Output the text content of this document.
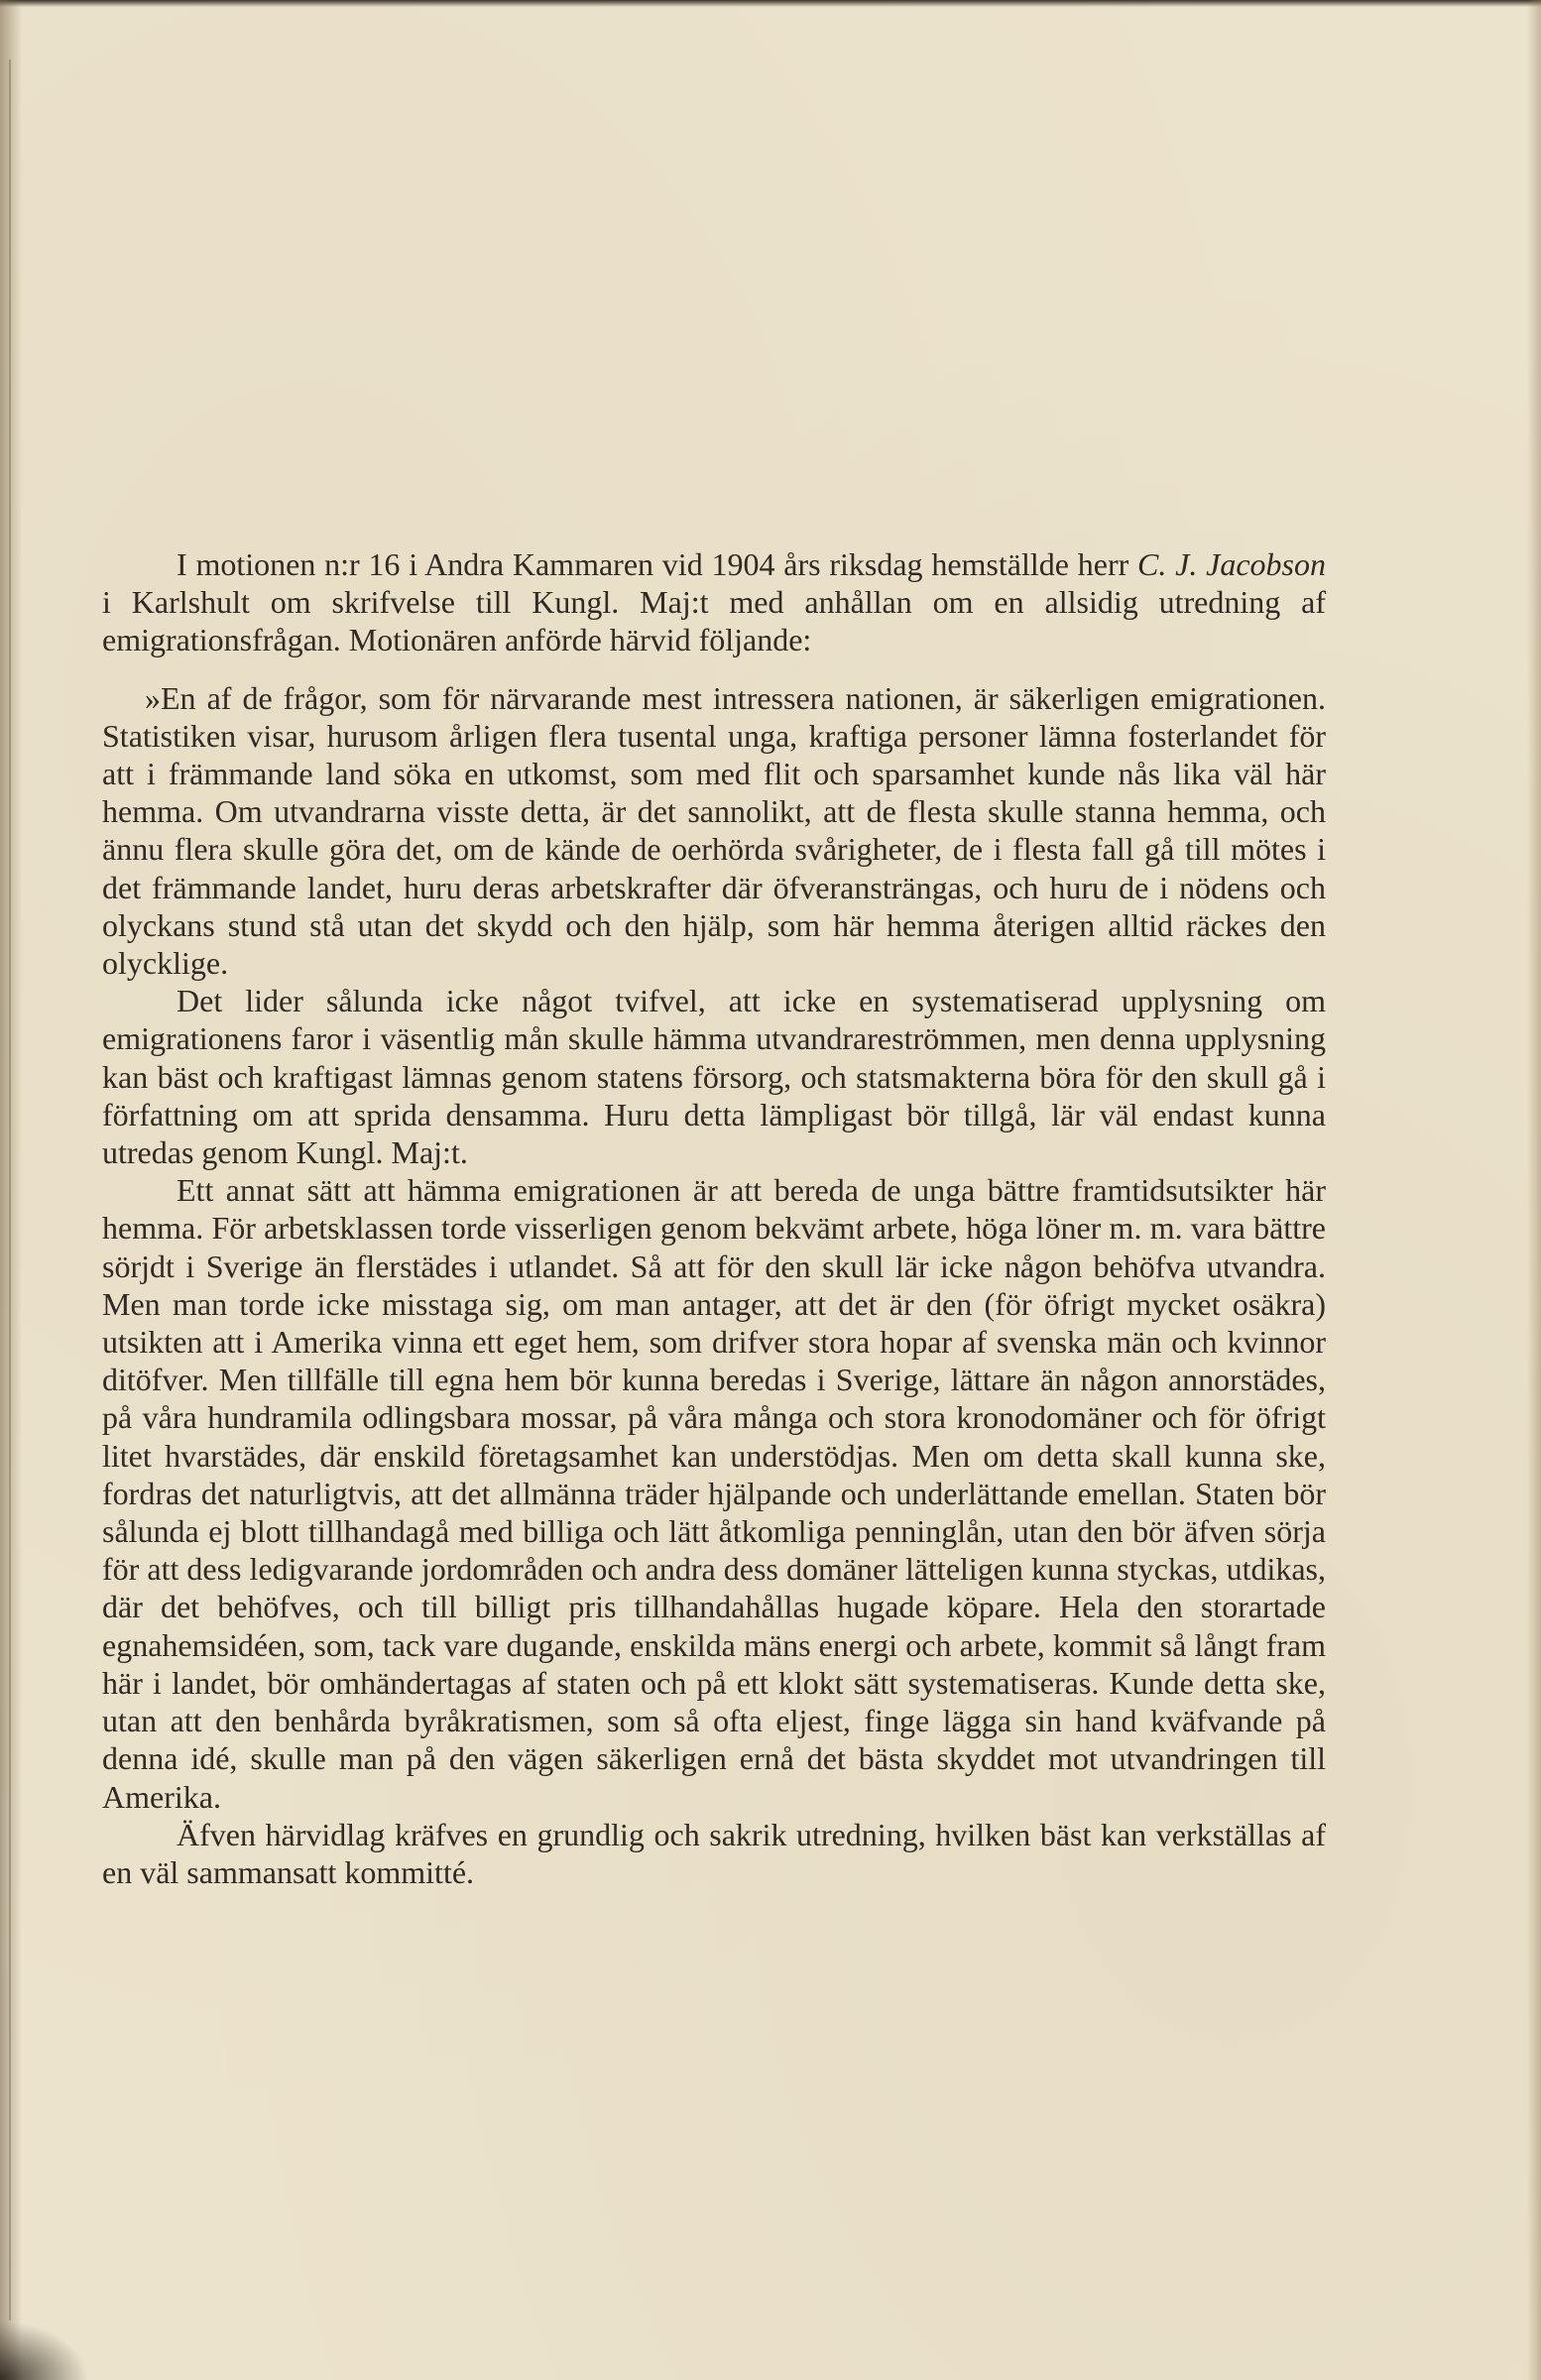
I motionen n:r 16 i Andra Kammaren vid 1904 års riksdag hemställde herr C. J. Jacobson i Karlshult om skrifvelse till Kungl. Maj:t med anhållan om en allsidig utredning af emigrationsfrågan. Motionären anförde härvid följande:

»En af de frågor, som för närvarande mest intressera nationen, är säkerligen emigrationen. Statistiken visar, hurusom årligen flera tusental unga, kraftiga personer lämna fosterlandet för att i främmande land söka en utkomst, som med flit och sparsamhet kunde nås lika väl här hemma. Om utvandrarna visste detta, är det sannolikt, att de flesta skulle stanna hemma, och ännu flera skulle göra det, om de kände de oerhörda svårigheter, de i flesta fall gå till mötes i det främmande landet, huru deras arbetskrafter där öfveransträngas, och huru de i nödens och olyckans stund stå utan det skydd och den hjälp, som här hemma återigen alltid räckes den olycklige.

Det lider sålunda icke något tvifvel, att icke en systematiserad upplysning om emigrationens faror i väsentlig mån skulle hämma utvandrareströmmen, men denna upplysning kan bäst och kraftigast lämnas genom statens försorg, och statsmakterna böra för den skull gå i författning om att sprida densamma. Huru detta lämpligast bör tillgå, lär väl endast kunna utredas genom Kungl. Maj:t.

Ett annat sätt att hämma emigrationen är att bereda de unga bättre framtidsutsikter här hemma. För arbetsklassen torde visserligen genom bekvämt arbete, höga löner m. m. vara bättre sörjdt i Sverige än flerstädes i utlandet. Så att för den skull lär icke någon behöfva utvandra. Men man torde icke misstaga sig, om man antager, att det är den (för öfrigt mycket osäkra) utsikten att i Amerika vinna ett eget hem, som drifver stora hopar af svenska män och kvinnor ditöfver. Men tillfälle till egna hem bör kunna beredas i Sverige, lättare än någon annorstädes, på våra hundramila odlingsbara mossar, på våra många och stora kronodomäner och för öfrigt litet hvarstädes, där enskild företagsamhet kan understödjas. Men om detta skall kunna ske, fordras det naturligtvis, att det allmänna träder hjälpande och underlättande emellan. Staten bör sålunda ej blott tillhandagå med billiga och lätt åtkomliga penninglån, utan den bör äfven sörja för att dess ledigvarande jordområden och andra dess domäner lätteligen kunna styckas, utdikas, där det behöfves, och till billigt pris tillhandahållas hugade köpare. Hela den storartade egnahemsidéen, som, tack vare dugande, enskilda mäns energi och arbete, kommit så långt fram här i landet, bör omhändertagas af staten och på ett klokt sätt systematiseras. Kunde detta ske, utan att den benhårda byråkratismen, som så ofta eljest, finge lägga sin hand kväfvande på denna idé, skulle man på den vägen säkerligen ernå det bästa skyddet mot utvandringen till Amerika.

Äfven härvidlag kräfves en grundlig och sakrik utredning, hvilken bäst kan verkställas af en väl sammansatt kommitté.
